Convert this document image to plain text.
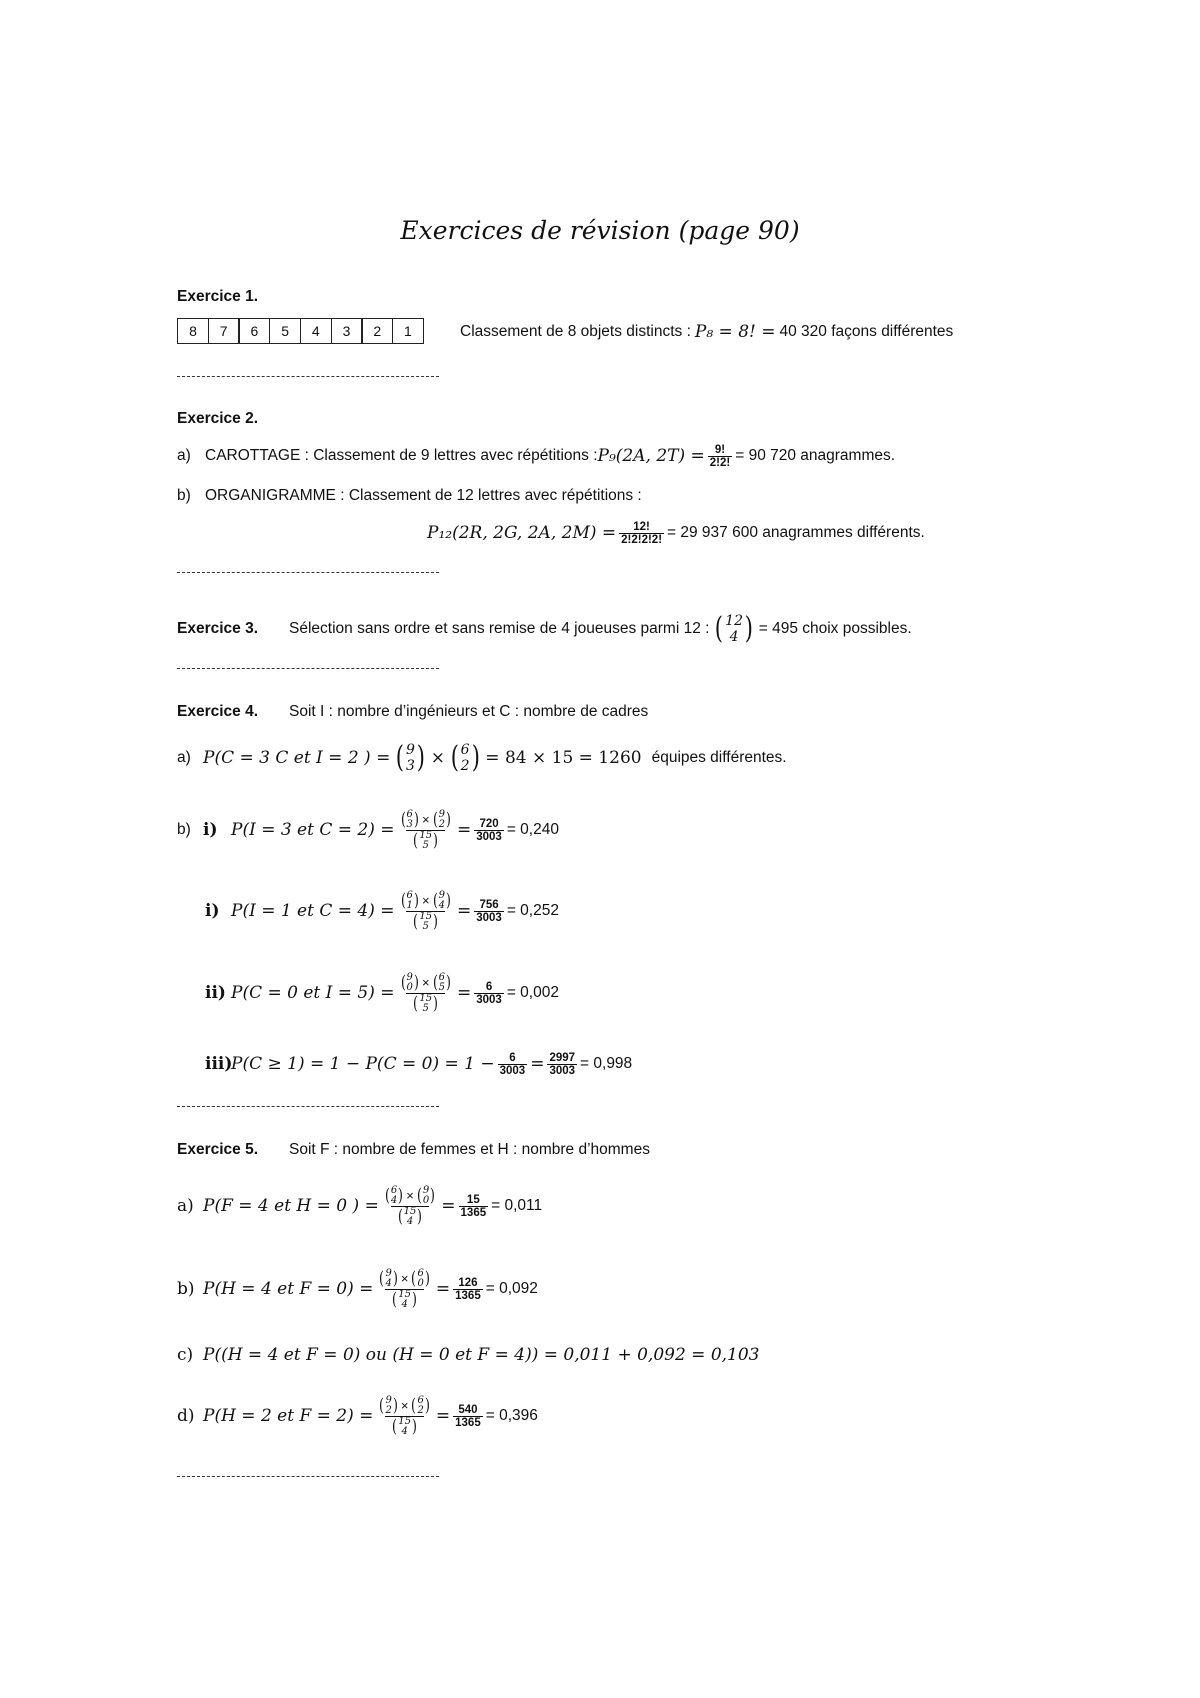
Exercices de révision (page 90)
Exercice 1.
8	7	6	5	4	3	2	1	Classement de 8 objets distincts : P₈ = 8! = 40 320 façons différentes
Exercice 2.
a) CAROTTAGE : Classement de 9 lettres avec répétitions : P₉(2A, $2T) = \frac{9!}{2!2!} = 90$ 720 anagrammes.
b) ORGANIGRAMME : Classement de 12 lettres avec répétitions :
P₁₂(2R, 2G, 2A, $2M) = \frac{12!}{2!2!2!2!} = 29$ 937 600 anagrammes différents.
Exercice 3.	Sélection sans ordre et sans remise de 4 joueuses parmi 12 : ( 12
4 ) = 495 choix possibles.
Exercice 4.	Soit I : nombre d’ingénieurs et C : nombre de cadres
a) P(C = 3 C et I = 2 ) = ( 9
3 ) × ( 6
2 ) = 84 × 15 = 1260 équipes différentes.
b) i) P(I = 3 et C = 2) = ( 6
3 ) × ( 9
2 )
( 15
5 ) = $\frac{720}{3003} = 0,240$
i) P(I = 1 et C = 4) = ( 6
1 ) × ( 9
4 )
( 15
5 ) = $\frac{756}{3003} = 0,252$
ii) P(C = 0 et I = 5) = ( 9
0 ) × ( 6
5 )
( 15
5 ) = $\frac{6}{3003} = 0,002$
iii)
$P(C \ge 1) = 1 - P(C = 0) = 1 - \frac{6}{3003} = \frac{2997}{3003} = 0,998$
Exercice 5.	Soit F : nombre de femmes et H : nombre d’hommes
a) P(F = 4 et H = 0 ) = ( 6
4 ) × ( 9
0 )
( 15
4 ) = $\frac{15}{1365} = 0,011$
b) P(H = 4 et F = 0) = ( 9
4 ) × ( 6
0 )
( 15
4 ) = $\frac{126}{1365} = 0,092$
c) P((H = 4 et F = 0) ou (H = 0 et F = 4)) = 0,011 + 0,092 = 0,103
d) P(H = 2 et F = 2) = ( 9
2 ) × ( 6
2 )
( 15
4 ) = $\frac{540}{1365} = 0,396$
